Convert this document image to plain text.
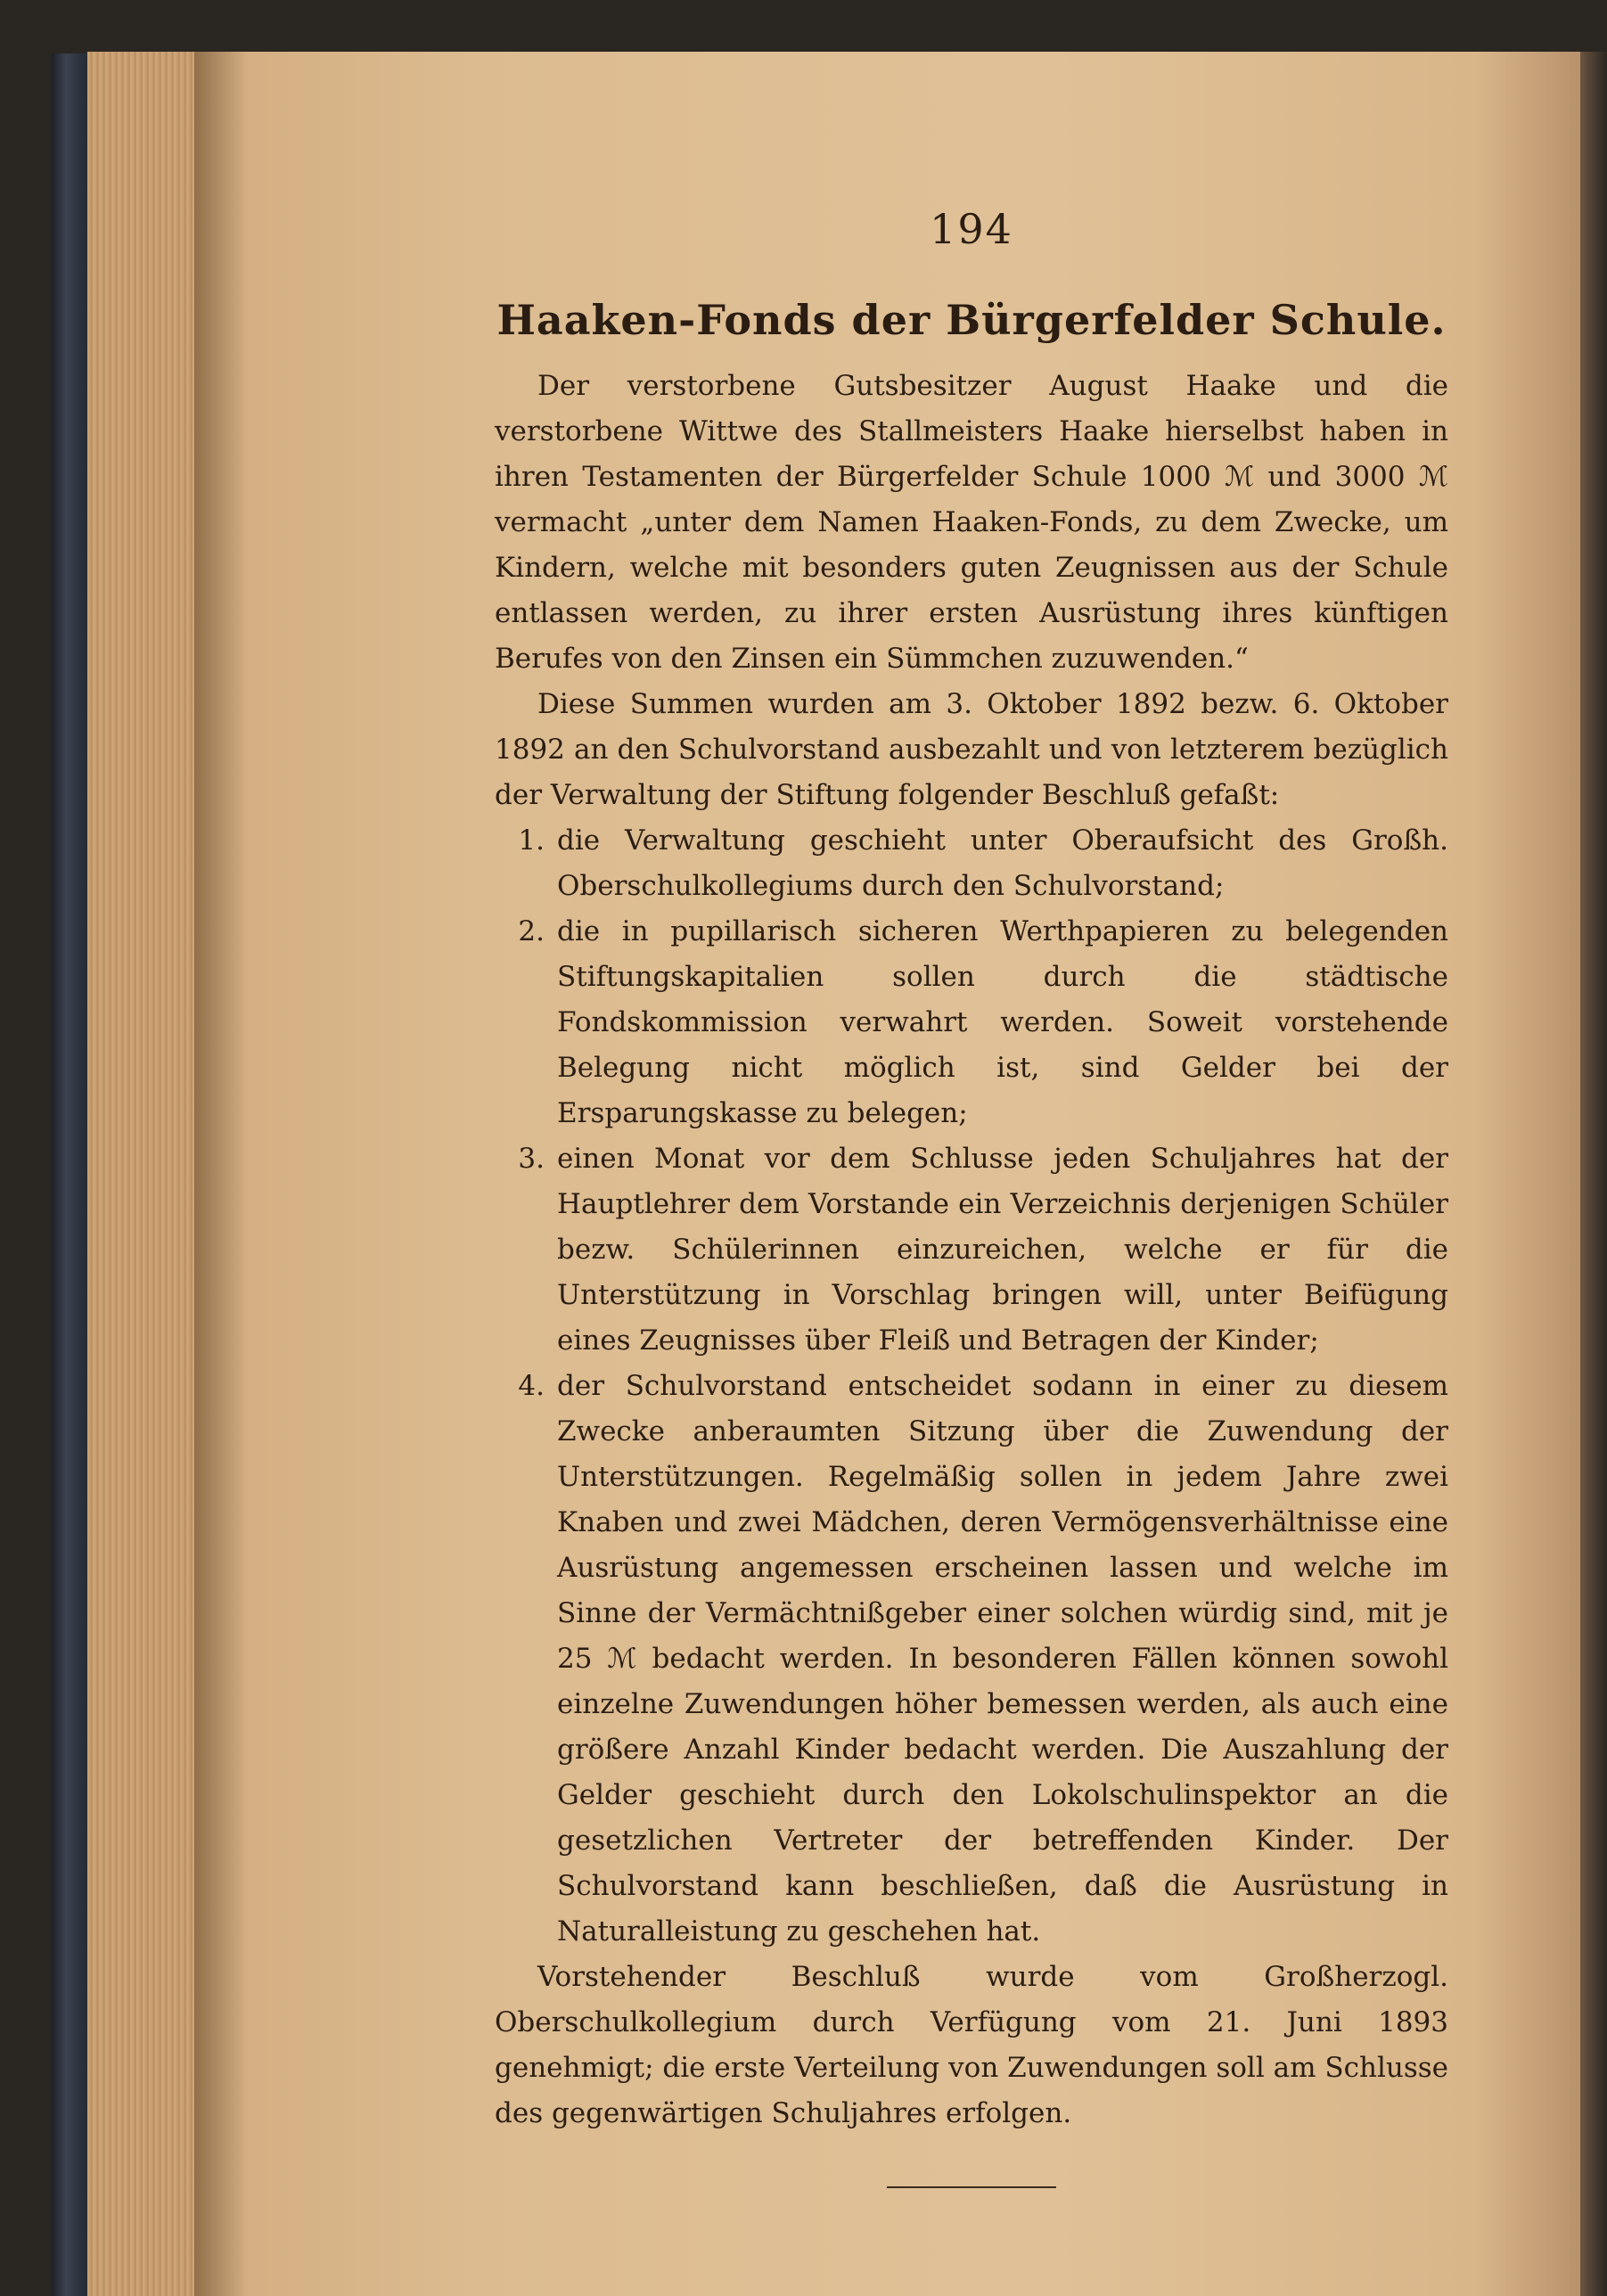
194
Haaken-Fonds der Bürgerfelder Schule.

Der verstorbene Gutsbesitzer August Haake und die verstorbene Wittwe des Stallmeisters Haake hierselbst haben in ihren Testamenten der Bürgerfelder Schule 1000 ℳ und 3000 ℳ vermacht „unter dem Namen Haaken-Fonds, zu dem Zwecke, um Kindern, welche mit besonders guten Zeugnissen aus der Schule entlassen werden, zu ihrer ersten Ausrüstung ihres künftigen Berufes von den Zinsen ein Sümmchen zuzuwenden.“

Diese Summen wurden am 3. Oktober 1892 bezw. 6. Oktober 1892 an den Schulvorstand ausbezahlt und von letzterem bezüglich der Verwaltung der Stiftung folgender Beschluß gefaßt:

1. die Verwaltung geschieht unter Oberaufsicht des Großh. Oberschulkollegiums durch den Schulvorstand;
2. die in pupillarisch sicheren Werthpapieren zu belegenden Stiftungskapitalien sollen durch die städtische Fondskommission verwahrt werden. Soweit vorstehende Belegung nicht möglich ist, sind Gelder bei der Ersparungskasse zu belegen;
3. einen Monat vor dem Schlusse jeden Schuljahres hat der Hauptlehrer dem Vorstande ein Verzeichnis derjenigen Schüler bezw. Schülerinnen einzureichen, welche er für die Unterstützung in Vorschlag bringen will, unter Beifügung eines Zeugnisses über Fleiß und Betragen der Kinder;
4. der Schulvorstand entscheidet sodann in einer zu diesem Zwecke anberaumten Sitzung über die Zuwendung der Unterstützungen. Regelmäßig sollen in jedem Jahre zwei Knaben und zwei Mädchen, deren Vermögensverhältnisse eine Ausrüstung angemessen erscheinen lassen und welche im Sinne der Vermächtnißgeber einer solchen würdig sind, mit je 25 ℳ bedacht werden. In besonderen Fällen können sowohl einzelne Zuwendungen höher bemessen werden, als auch eine größere Anzahl Kinder bedacht werden. Die Auszahlung der Gelder geschieht durch den Lokolschulinspektor an die gesetzlichen Vertreter der betreffenden Kinder. Der Schulvorstand kann beschließen, daß die Ausrüstung in Naturalleistung zu geschehen hat.

Vorstehender Beschluß wurde vom Großherzogl. Oberschulkollegium durch Verfügung vom 21. Juni 1893 genehmigt; die erste Verteilung von Zuwendungen soll am Schlusse des gegenwärtigen Schuljahres erfolgen.
